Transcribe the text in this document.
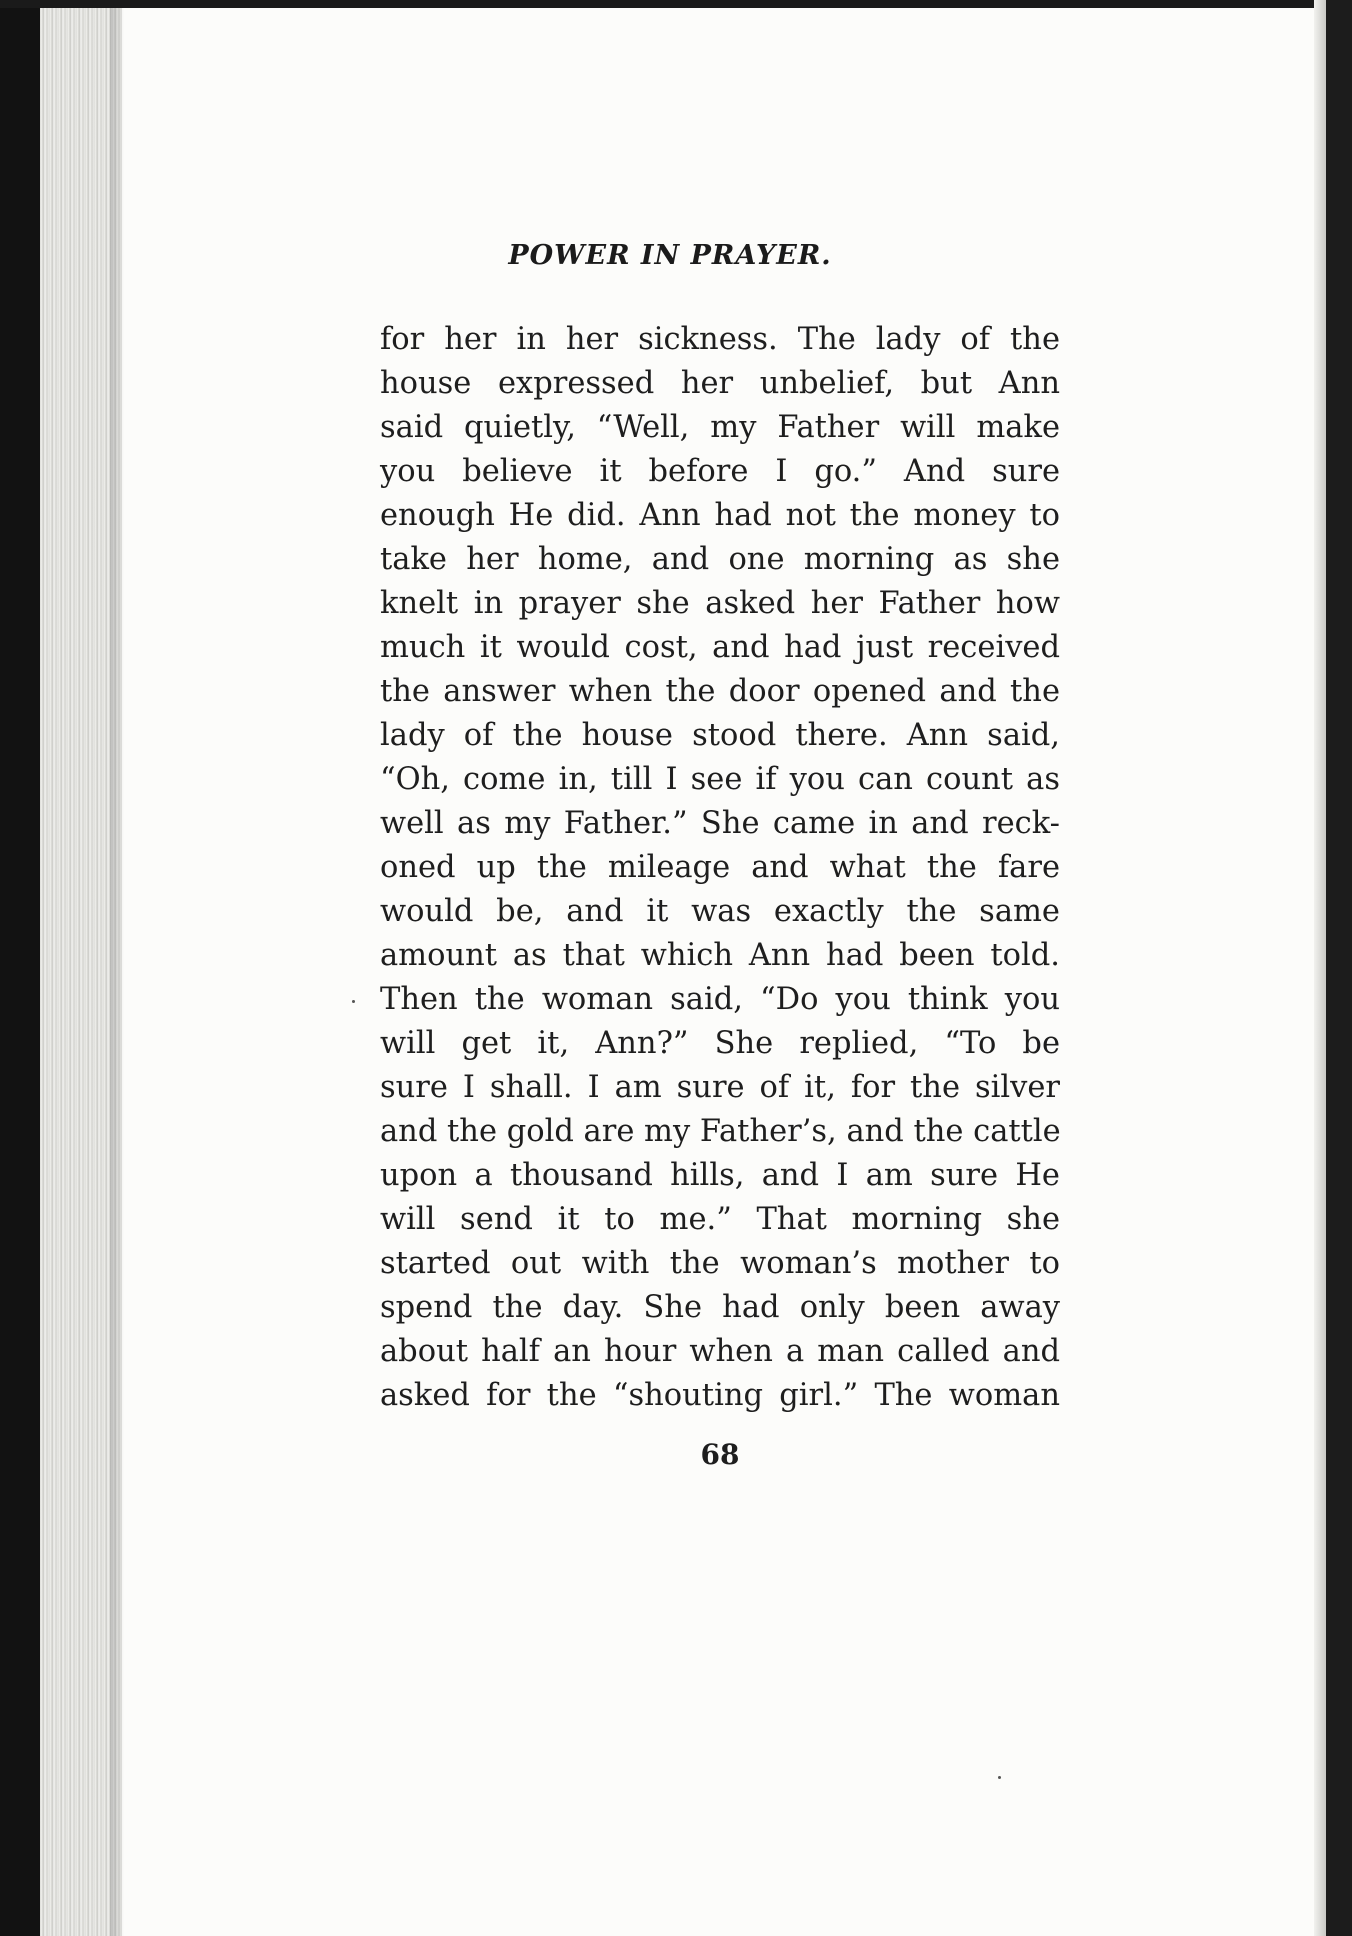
POWER IN PRAYER.
for her in her sickness. The lady of the
house expressed her unbelief, but Ann
said quietly, “Well, my Father will make
you believe it before I go.” And sure
enough He did. Ann had not the money to
take her home, and one morning as she
knelt in prayer she asked her Father how
much it would cost, and had just received
the answer when the door opened and the
lady of the house stood there. Ann said,
“Oh, come in, till I see if you can count as
well as my Father.” She came in and reck-
oned up the mileage and what the fare
would be, and it was exactly the same
amount as that which Ann had been told.
Then the woman said, “Do you think you
will get it, Ann?” She replied, “To be
sure I shall. I am sure of it, for the silver
and the gold are my Father’s, and the cattle
upon a thousand hills, and I am sure He
will send it to me.” That morning she
started out with the woman’s mother to
spend the day. She had only been away
about half an hour when a man called and
asked for the “shouting girl.” The woman
68
